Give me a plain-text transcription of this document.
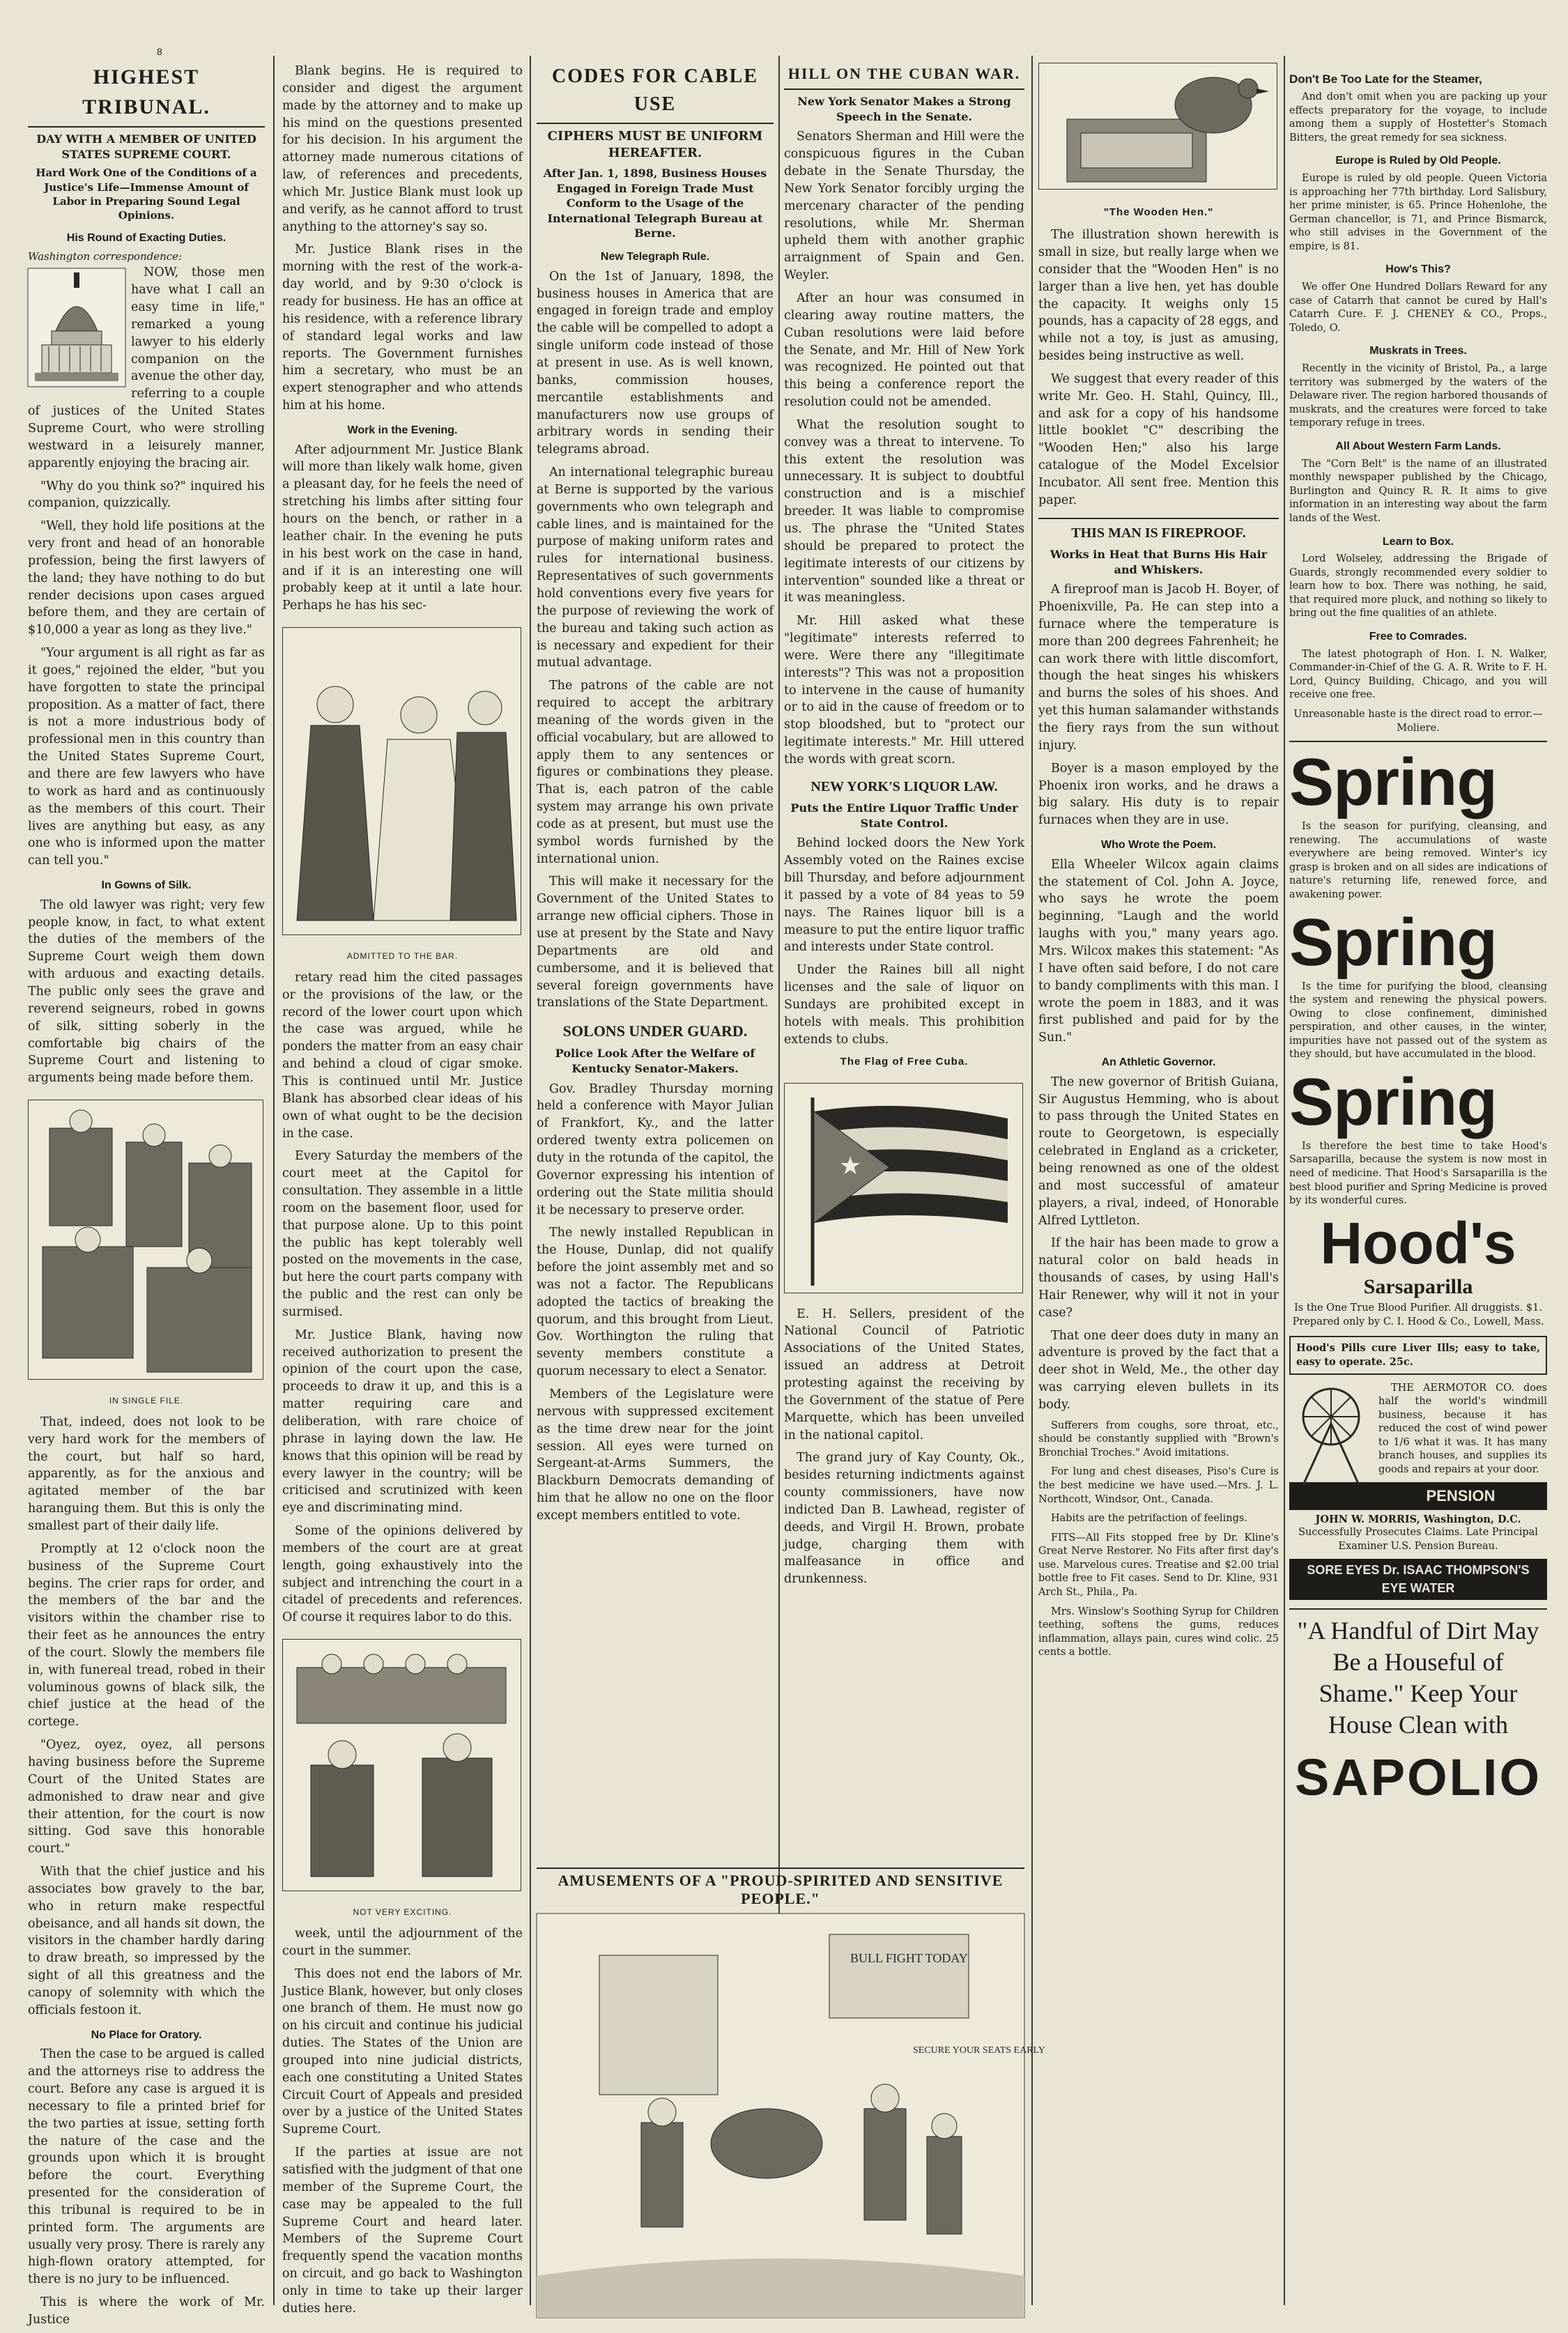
8
HIGHEST TRIBUNAL.
DAY WITH A MEMBER OF UNITED STATES SUPREME COURT.
Hard Work One of the Conditions of a Justice's Life—Immense Amount of Labor in Preparing Sound Legal Opinions.
His Round of Exacting Duties.
Washington correspondence:

NOW, those men have what I call an easy time in life," remarked a young lawyer to his elderly companion on the avenue the other day, referring to a couple of justices of the United States Supreme Court, who were strolling westward in a leisurely manner, apparently enjoying the bracing air.

"Why do you think so?" inquired his companion, quizzically.

"Well, they hold life positions at the very front and head of an honorable profession, being the first lawyers of the land; they have nothing to do but render decisions upon cases argued before them, and they are certain of $10,000 a year as long as they live."

"Your argument is all right as far as it goes," rejoined the elder, "but you have forgotten to state the principal proposition. As a matter of fact, there is not a more industrious body of professional men in this country than the United States Supreme Court, and there are few lawyers who have to work as hard and as continuously as the members of this court. Their lives are anything but easy, as any one who is informed upon the matter can tell you."

In Gowns of Silk.

The old lawyer was right; very few people know, in fact, to what extent the duties of the members of the Supreme Court weigh them down with arduous and exacting details. The public only sees the grave and reverend seigneurs, robed in gowns of silk, sitting soberly in the comfortable big chairs of the Supreme Court and listening to arguments being made before them.

IN SINGLE FILE.

That, indeed, does not look to be very hard work for the members of the court, but half so hard, apparently, as for the anxious and agitated member of the bar haranguing them. But this is only the smallest part of their daily life.

Promptly at 12 o'clock noon the business of the Supreme Court begins. The crier raps for order, and the members of the bar and the visitors within the chamber rise to their feet as he announces the entry of the court. Slowly the members file in, with funereal tread, robed in their voluminous gowns of black silk, the chief justice at the head of the cortege.

"Oyez, oyez, oyez, all persons having business before the Supreme Court of the United States are admonished to draw near and give their attention, for the court is now sitting. God save this honorable court."

With that the chief justice and his associates bow gravely to the bar, who in return make respectful obeisance, and all hands sit down, the visitors in the chamber hardly daring to draw breath, so impressed by the sight of all this greatness and the canopy of solemnity with which the officials festoon it.

No Place for Oratory.

Then the case to be argued is called and the attorneys rise to address the court. Before any case is argued it is necessary to file a printed brief for the two parties at issue, setting forth the nature of the case and the grounds upon which it is brought before the court. Everything presented for the consideration of this tribunal is required to be in printed form. The arguments are usually very prosy. There is rarely any high-flown oratory attempted, for there is no jury to be influenced.

This is where the work of Mr. Justice

Blank begins. He is required to consider and digest the argument made by the attorney and to make up his mind on the questions presented for his decision. In his argument the attorney made numerous citations of law, of references and precedents, which Mr. Justice Blank must look up and verify, as he cannot afford to trust anything to the attorney's say so.

Mr. Justice Blank rises in the morning with the rest of the work-a-day world, and by 9:30 o'clock is ready for business. He has an office at his residence, with a reference library of standard legal works and law reports. The Government furnishes him a secretary, who must be an expert stenographer and who attends him at his home.

Work in the Evening.

After adjournment Mr. Justice Blank will more than likely walk home, given a pleasant day, for he feels the need of stretching his limbs after sitting four hours on the bench, or rather in a leather chair. In the evening he puts in his best work on the case in hand, and if it is an interesting one will probably keep at it until a late hour. Perhaps he has his sec-

ADMITTED TO THE BAR.

retary read him the cited passages or the provisions of the law, or the record of the lower court upon which the case was argued, while he ponders the matter from an easy chair and behind a cloud of cigar smoke. This is continued until Mr. Justice Blank has absorbed clear ideas of his own of what ought to be the decision in the case.

Every Saturday the members of the court meet at the Capitol for consultation. They assemble in a little room on the basement floor, used for that purpose alone. Up to this point the public has kept tolerably well posted on the movements in the case, but here the court parts company with the public and the rest can only be surmised.

Mr. Justice Blank, having now received authorization to present the opinion of the court upon the case, proceeds to draw it up, and this is a matter requiring care and deliberation, with rare choice of phrase in laying down the law. He knows that this opinion will be read by every lawyer in the country; will be criticised and scrutinized with keen eye and discriminating mind.

Some of the opinions delivered by members of the court are at great length, going exhaustively into the subject and intrenching the court in a citadel of precedents and references. Of course it requires labor to do this.

NOT VERY EXCITING.

week, until the adjournment of the court in the summer.

This does not end the labors of Mr. Justice Blank, however, but only closes one branch of them. He must now go on his circuit and continue his judicial duties. The States of the Union are grouped into nine judicial districts, each one constituting a United States Circuit Court of Appeals and presided over by a justice of the United States Supreme Court.

If the parties at issue are not satisfied with the judgment of that one member of the Supreme Court, the case may be appealed to the full Supreme Court and heard later. Members of the Supreme Court frequently spend the vacation months on circuit, and go back to Washington only in time to take up their larger duties here.

CODES FOR CABLE USE
CIPHERS MUST BE UNIFORM HEREAFTER.
After Jan. 1, 1898, Business Houses Engaged in Foreign Trade Must Conform to the Usage of the International Telegraph Bureau at Berne.
New Telegraph Rule.

On the 1st of January, 1898, the business houses in America that are engaged in foreign trade and employ the cable will be compelled to adopt a single uniform code instead of those at present in use. As is well known, banks, commission houses, mercantile establishments and manufacturers now use groups of arbitrary words in sending their telegrams abroad.

An international telegraphic bureau at Berne is supported by the various governments who own telegraph and cable lines, and is maintained for the purpose of making uniform rates and rules for international business. Representatives of such governments hold conventions every five years for the purpose of reviewing the work of the bureau and taking such action as is necessary and expedient for their mutual advantage.

The patrons of the cable are not required to accept the arbitrary meaning of the words given in the official vocabulary, but are allowed to apply them to any sentences or figures or combinations they please. That is, each patron of the cable system may arrange his own private code as at present, but must use the symbol words furnished by the international union.

This will make it necessary for the Government of the United States to arrange new official ciphers. Those in use at present by the State and Navy Departments are old and cumbersome, and it is believed that several foreign governments have translations of the State Department.

SOLONS UNDER GUARD.
Police Look After the Welfare of Kentucky Senator-Makers.

Gov. Bradley Thursday morning held a conference with Mayor Julian of Frankfort, Ky., and the latter ordered twenty extra policemen on duty in the rotunda of the capitol, the Governor expressing his intention of ordering out the State militia should it be necessary to preserve order.

The newly installed Republican in the House, Dunlap, did not qualify before the joint assembly met and so was not a factor. The Republicans adopted the tactics of breaking the quorum, and this brought from Lieut. Gov. Worthington the ruling that seventy members constitute a quorum necessary to elect a Senator.

Members of the Legislature were nervous with suppressed excitement as the time drew near for the joint session. All eyes were turned on Sergeant-at-Arms Summers, the Blackburn Democrats demanding of him that he allow no one on the floor except members entitled to vote.

HILL ON THE CUBAN WAR.
New York Senator Makes a Strong Speech in the Senate.

Senators Sherman and Hill were the conspicuous figures in the Cuban debate in the Senate Thursday, the New York Senator forcibly urging the mercenary character of the pending resolutions, while Mr. Sherman upheld them with another graphic arraignment of Spain and Gen. Weyler.

After an hour was consumed in clearing away routine matters, the Cuban resolutions were laid before the Senate, and Mr. Hill of New York was recognized. He pointed out that this being a conference report the resolution could not be amended.

What the resolution sought to convey was a threat to intervene. To this extent the resolution was unnecessary. It is subject to doubtful construction and is a mischief breeder. It was liable to compromise us. The phrase the "United States should be prepared to protect the legitimate interests of our citizens by intervention" sounded like a threat or it was meaningless.

Mr. Hill asked what these "legitimate" interests referred to were. Were there any "illegitimate interests"? This was not a proposition to intervene in the cause of humanity or to aid in the cause of freedom or to stop bloodshed, but to "protect our legitimate interests." Mr. Hill uttered the words with great scorn.

NEW YORK'S LIQUOR LAW.
Puts the Entire Liquor Traffic Under State Control.

Behind locked doors the New York Assembly voted on the Raines excise bill Thursday, and before adjournment it passed by a vote of 84 yeas to 59 nays. The Raines liquor bill is a measure to put the entire liquor traffic and interests under State control.

Under the Raines bill all night licenses and the sale of liquor on Sundays are prohibited except in hotels with meals. This prohibition extends to clubs.

The Flag of Free Cuba.
★

E. H. Sellers, president of the National Council of Patriotic Associations of the United States, issued an address at Detroit protesting against the receiving by the Government of the statue of Pere Marquette, which has been unveiled in the national capitol.

The grand jury of Kay County, Ok., besides returning indictments against county commissioners, have now indicted Dan B. Lawhead, register of deeds, and Virgil H. Brown, probate judge, charging them with malfeasance in office and drunkenness.

AMUSEMENTS OF A "PROUD-SPIRITED AND SENSITIVE PEOPLE."
BULL FIGHT TODAY
SECURE YOUR SEATS EARLY
"The Wooden Hen."

The illustration shown herewith is small in size, but really large when we consider that the "Wooden Hen" is no larger than a live hen, yet has double the capacity. It weighs only 15 pounds, has a capacity of 28 eggs, and while not a toy, is just as amusing, besides being instructive as well.

We suggest that every reader of this write Mr. Geo. H. Stahl, Quincy, Ill., and ask for a copy of his handsome little booklet "C" describing the "Wooden Hen;" also his large catalogue of the Model Excelsior Incubator. All sent free. Mention this paper.

THIS MAN IS FIREPROOF.
Works in Heat that Burns His Hair and Whiskers.

A fireproof man is Jacob H. Boyer, of Phoenixville, Pa. He can step into a furnace where the temperature is more than 200 degrees Fahrenheit; he can work there with little discomfort, though the heat singes his whiskers and burns the soles of his shoes. And yet this human salamander withstands the fiery rays from the sun without injury.

Boyer is a mason employed by the Phoenix iron works, and he draws a big salary. His duty is to repair furnaces when they are in use.

Who Wrote the Poem.

Ella Wheeler Wilcox again claims the statement of Col. John A. Joyce, who says he wrote the poem beginning, "Laugh and the world laughs with you," many years ago. Mrs. Wilcox makes this statement: "As I have often said before, I do not care to bandy compliments with this man. I wrote the poem in 1883, and it was first published and paid for by the Sun."

An Athletic Governor.

The new governor of British Guiana, Sir Augustus Hemming, who is about to pass through the United States en route to Georgetown, is especially celebrated in England as a cricketer, being renowned as one of the oldest and most successful of amateur players, a rival, indeed, of Honorable Alfred Lyttleton.

If the hair has been made to grow a natural color on bald heads in thousands of cases, by using Hall's Hair Renewer, why will it not in your case?

That one deer does duty in many an adventure is proved by the fact that a deer shot in Weld, Me., the other day was carrying eleven bullets in its body.

Sufferers from coughs, sore throat, etc., should be constantly supplied with "Brown's Bronchial Troches." Avoid imitations.

For lung and chest diseases, Piso's Cure is the best medicine we have used.—Mrs. J. L. Northcott, Windsor, Ont., Canada.

Habits are the petrifaction of feelings.

FITS—All Fits stopped free by Dr. Kline's Great Nerve Restorer. No Fits after first day's use. Marvelous cures. Treatise and $2.00 trial bottle free to Fit cases. Send to Dr. Kline, 931 Arch St., Phila., Pa.

Mrs. Winslow's Soothing Syrup for Children teething, softens the gums, reduces inflammation, allays pain, cures wind colic. 25 cents a bottle.

Don't Be Too Late for the Steamer,

And don't omit when you are packing up your effects preparatory for the voyage, to include among them a supply of Hostetter's Stomach Bitters, the great remedy for sea sickness.

Europe is Ruled by Old People.

Europe is ruled by old people. Queen Victoria is approaching her 77th birthday. Lord Salisbury, her prime minister, is 65. Prince Hohenlohe, the German chancellor, is 71, and Prince Bismarck, who still advises in the Government of the empire, is 81.

How's This?

We offer One Hundred Dollars Reward for any case of Catarrh that cannot be cured by Hall's Catarrh Cure. F. J. CHENEY & CO., Props., Toledo, O.

Muskrats in Trees.

Recently in the vicinity of Bristol, Pa., a large territory was submerged by the waters of the Delaware river. The region harbored thousands of muskrats, and the creatures were forced to take temporary refuge in trees.

All About Western Farm Lands.

The "Corn Belt" is the name of an illustrated monthly newspaper published by the Chicago, Burlington and Quincy R. R. It aims to give information in an interesting way about the farm lands of the West.

Learn to Box.

Lord Wolseley, addressing the Brigade of Guards, strongly recommended every soldier to learn how to box. There was nothing, he said, that required more pluck, and nothing so likely to bring out the fine qualities of an athlete.

Free to Comrades.

The latest photograph of Hon. I. N. Walker, Commander-in-Chief of the G. A. R. Write to F. H. Lord, Quincy Building, Chicago, and you will receive one free.

Unreasonable haste is the direct road to error.—Moliere.

Spring

Is the season for purifying, cleansing, and renewing. The accumulations of waste everywhere are being removed. Winter's icy grasp is broken and on all sides are indications of nature's returning life, renewed force, and awakening power.

Spring

Is the time for purifying the blood, cleansing the system and renewing the physical powers. Owing to close confinement, diminished perspiration, and other causes, in the winter, impurities have not passed out of the system as they should, but have accumulated in the blood.

Spring

Is therefore the best time to take Hood's Sarsaparilla, because the system is now most in need of medicine. That Hood's Sarsaparilla is the best blood purifier and Spring Medicine is proved by its wonderful cures.

Hood's
Sarsaparilla

Is the One True Blood Purifier. All druggists. $1. Prepared only by C. I. Hood & Co., Lowell, Mass.

Hood's Pills cure Liver Ills; easy to take, easy to operate. 25c.

THE AERMOTOR CO. does half the world's windmill business, because it has reduced the cost of wind power to 1/6 what it was. It has many branch houses, and supplies its goods and repairs at your door.

PENSION
JOHN W. MORRIS, Washington, D.C.
Successfully Prosecutes Claims. Late Principal Examiner U.S. Pension Bureau.
SORE EYES Dr. ISAAC THOMPSON'S EYE WATER
"A Handful of Dirt May Be a Houseful of Shame." Keep Your House Clean with
SAPOLIO
